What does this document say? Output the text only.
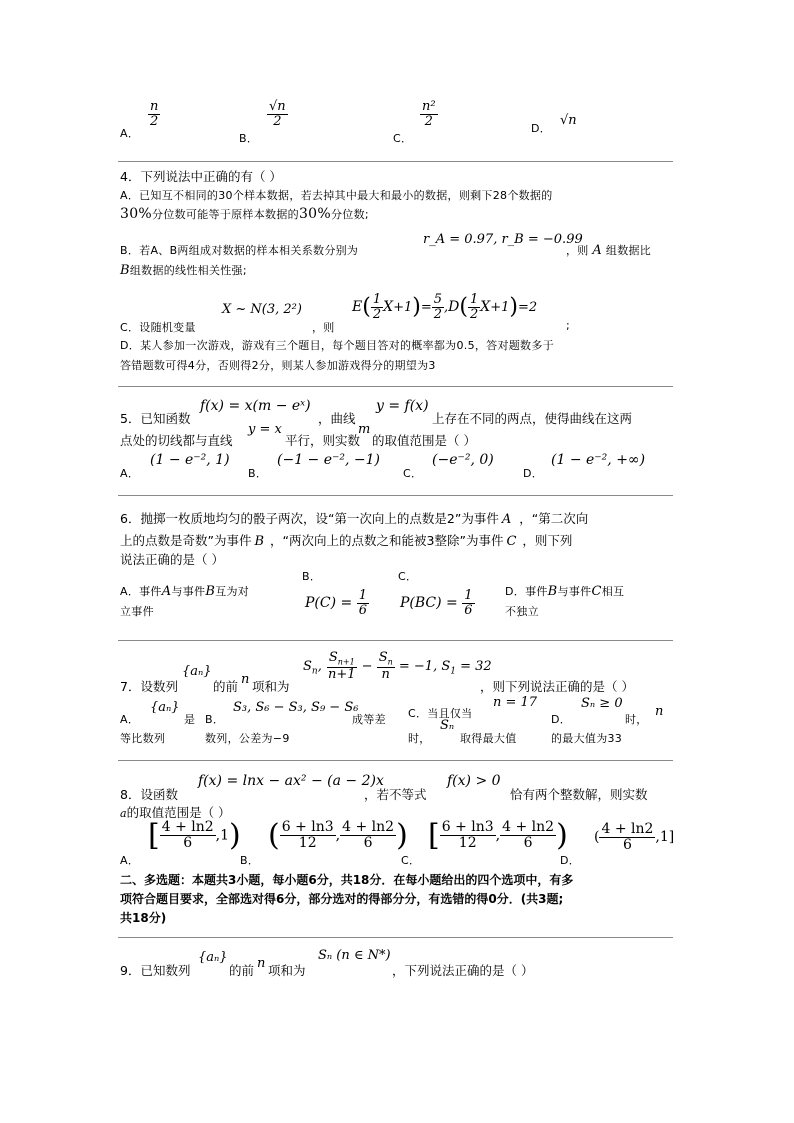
A．
$\frac{n}{2}$
B．
$\frac{√n}{2}$
C．
$\frac{\text{n²}}{2}$
D．
√n
4．下列说法中正确的有（ ）
A．已知互不相同的30个样本数据，若去掉其中最大和最小的数据，则剩下28个数据的
30%分位数可能等于原样本数据的30%分位数;
B．若A、B两组成对数据的样本相关系数分别为
r_A = 0.97, r_B = −0.99
，则 A 组数据比
B组数据的线性相关性强;
C．设随机变量
X ~ N(3, 2²)
，则
$E( \frac{1}{2} X+1)= \frac{5}{2} ,D( \frac{1}{2} X+1)=2$
;
D．某人参加一次游戏，游戏有三个题目，每个题目答对的概率都为0.5，答对题数多于
答错题数可得4分，否则得2分，则某人参加游戏得分的期望为3
5．已知函数
f(x) = x(m − eˣ)
，曲线
y = f(x)
上存在不同的两点，使得曲线在这两
点处的切线都与直线
y = x
平行，则实数
m
的取值范围是（ ）
A．
(1 − e⁻², 1)
B．
(−1 − e⁻², −1)
C．
(−e⁻², 0)
D．
(1 − e⁻², +∞)
6．抛掷一枚质地均匀的骰子两次，设“第一次向上的点数是2”为事件 A ，“第二次向
上的点数是奇数”为事件 B ，“两次向上的点数之和能被3整除”为事件 C ，则下列
说法正确的是（ ）
A．事件A与事件B互为对
立事件
B．
$P(C) = \frac{1}{6}$
C．
$P(BC) = \frac{1}{6}$	D．事件B与事件C相互
不独立
7．设数列
{aₙ}
的前 n 项和为
$S_n$, $\frac{S_{n+1}}{n+1} - \frac{S_n}{n} = -1$, $S_1 = 32$
，则下列说法正确的是（ ）
A．
{aₙ}
是
等比数列
B．
S₃, S₆ − S₃, S₉ − S₆
成等差
数列，公差为−9
C．当且仅当
n = 17
时，
Sₙ
取得最大值
D．
Sₙ ≥ 0
时，
n
的最大值为33
8．设函数
f(x) = lnx − ax² − (a − 2)x
，若不等式
f(x) > 0
恰有两个整数解，则实数
a的取值范围是（ ）
A．
[ $\frac{4 + \ln 2}{6} ,1$)
B．
( $\frac{6 + \ln 3}{12}$ , $\frac{4 + \ln 2}{6}$ )
C．
[ $\frac{6 + \ln 3}{12}$ , $\frac{4 + \ln 2}{6}$ )
D．
( $\frac{4 + \ln 2}{6} ,1$]
二、多选题：本题共3小题，每小题6分，共18分．在每小题给出的四个选项中，有多
项符合题目要求，全部选对得6分，部分选对的得部分分，有选错的得0分．(共3题;
共18分)
9．已知数列
{aₙ}
的前 n 项和为
Sₙ (n ∈ N*)
，下列说法正确的是（ ）
